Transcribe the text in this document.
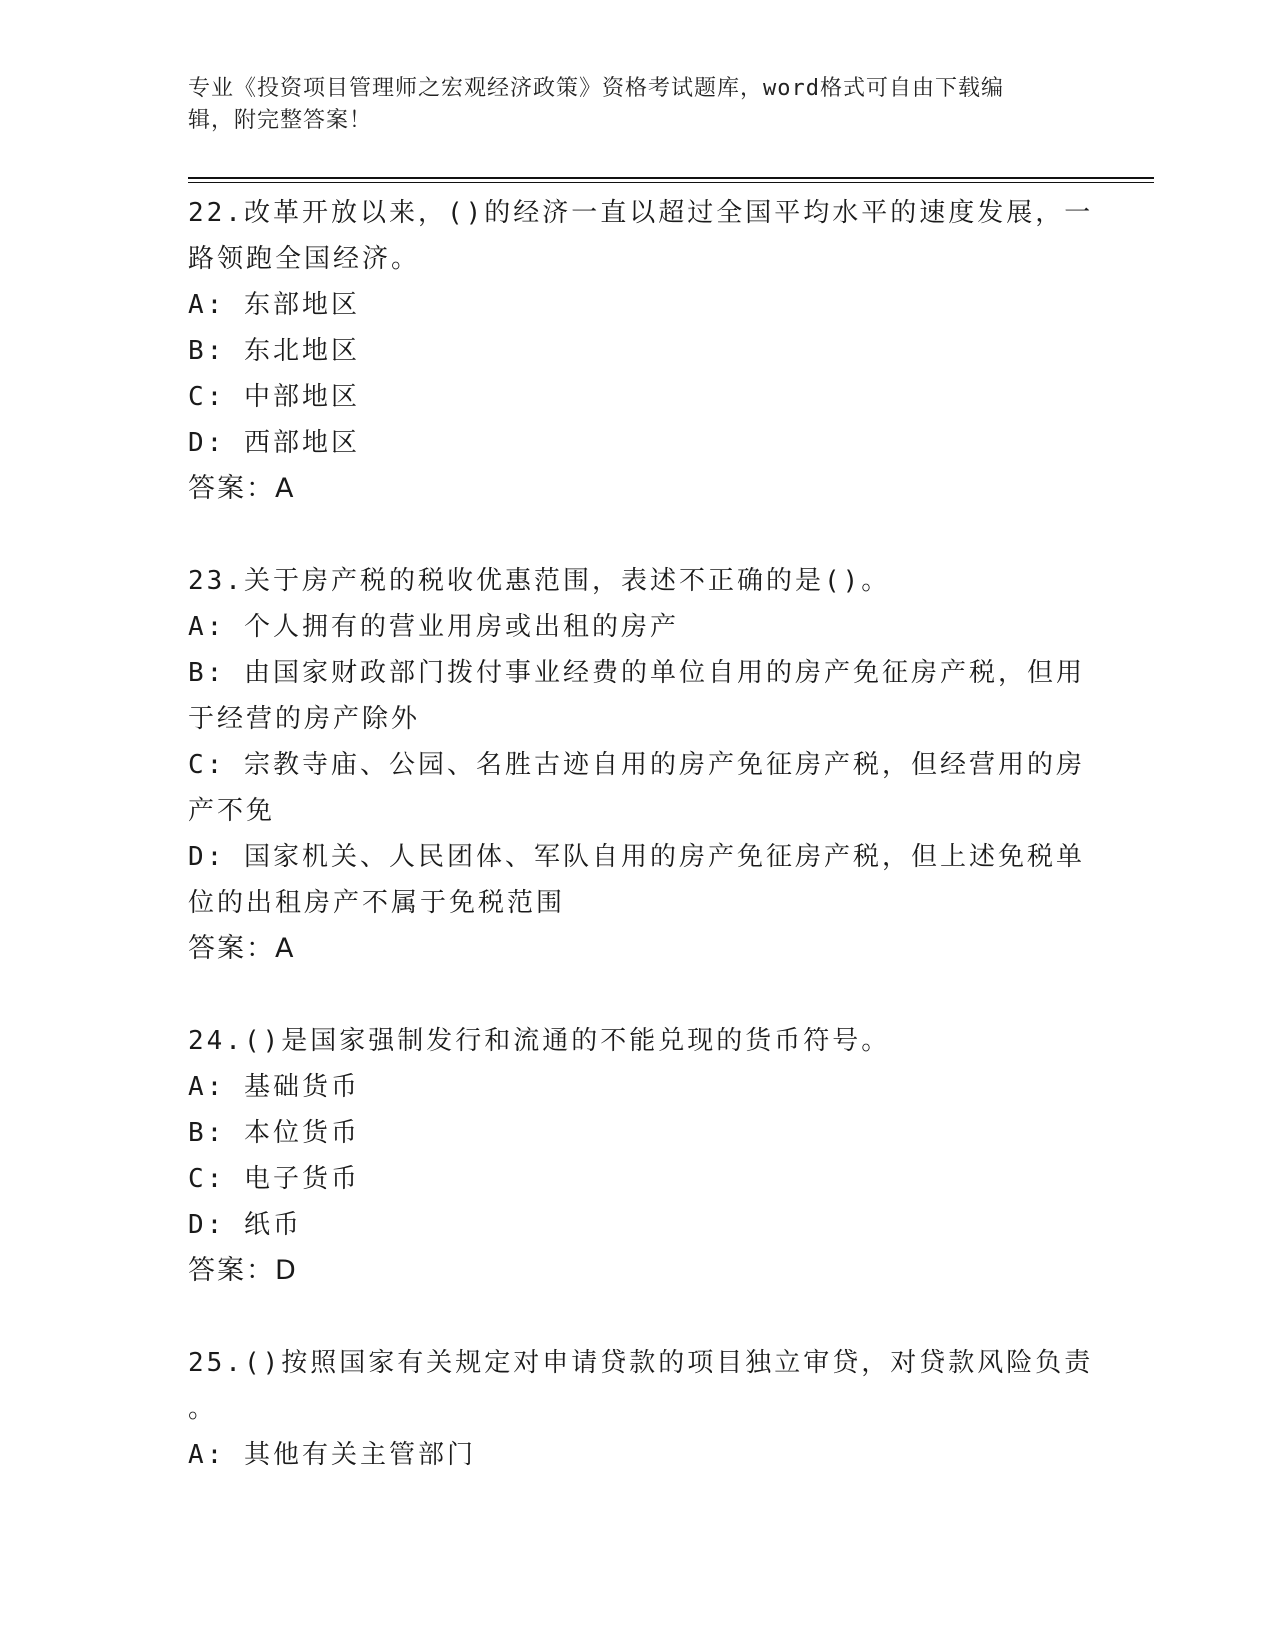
专业《投资项目管理师之宏观经济政策》资格考试题库，word格式可自由下载编
辑，附完整答案！
22.改革开放以来，()的经济一直以超过全国平均水平的速度发展，一
路领跑全国经济。
A: 东部地区
B: 东北地区
C: 中部地区
D: 西部地区
答案：A
23.关于房产税的税收优惠范围，表述不正确的是()。
A: 个人拥有的营业用房或出租的房产
B: 由国家财政部门拨付事业经费的单位自用的房产免征房产税，但用
于经营的房产除外
C: 宗教寺庙、公园、名胜古迹自用的房产免征房产税，但经营用的房
产不免
D: 国家机关、人民团体、军队自用的房产免征房产税，但上述免税单
位的出租房产不属于免税范围
答案：A
24.()是国家强制发行和流通的不能兑现的货币符号。
A: 基础货币
B: 本位货币
C: 电子货币
D: 纸币
答案：D
25.()按照国家有关规定对申请贷款的项目独立审贷，对贷款风险负责
。
A: 其他有关主管部门
